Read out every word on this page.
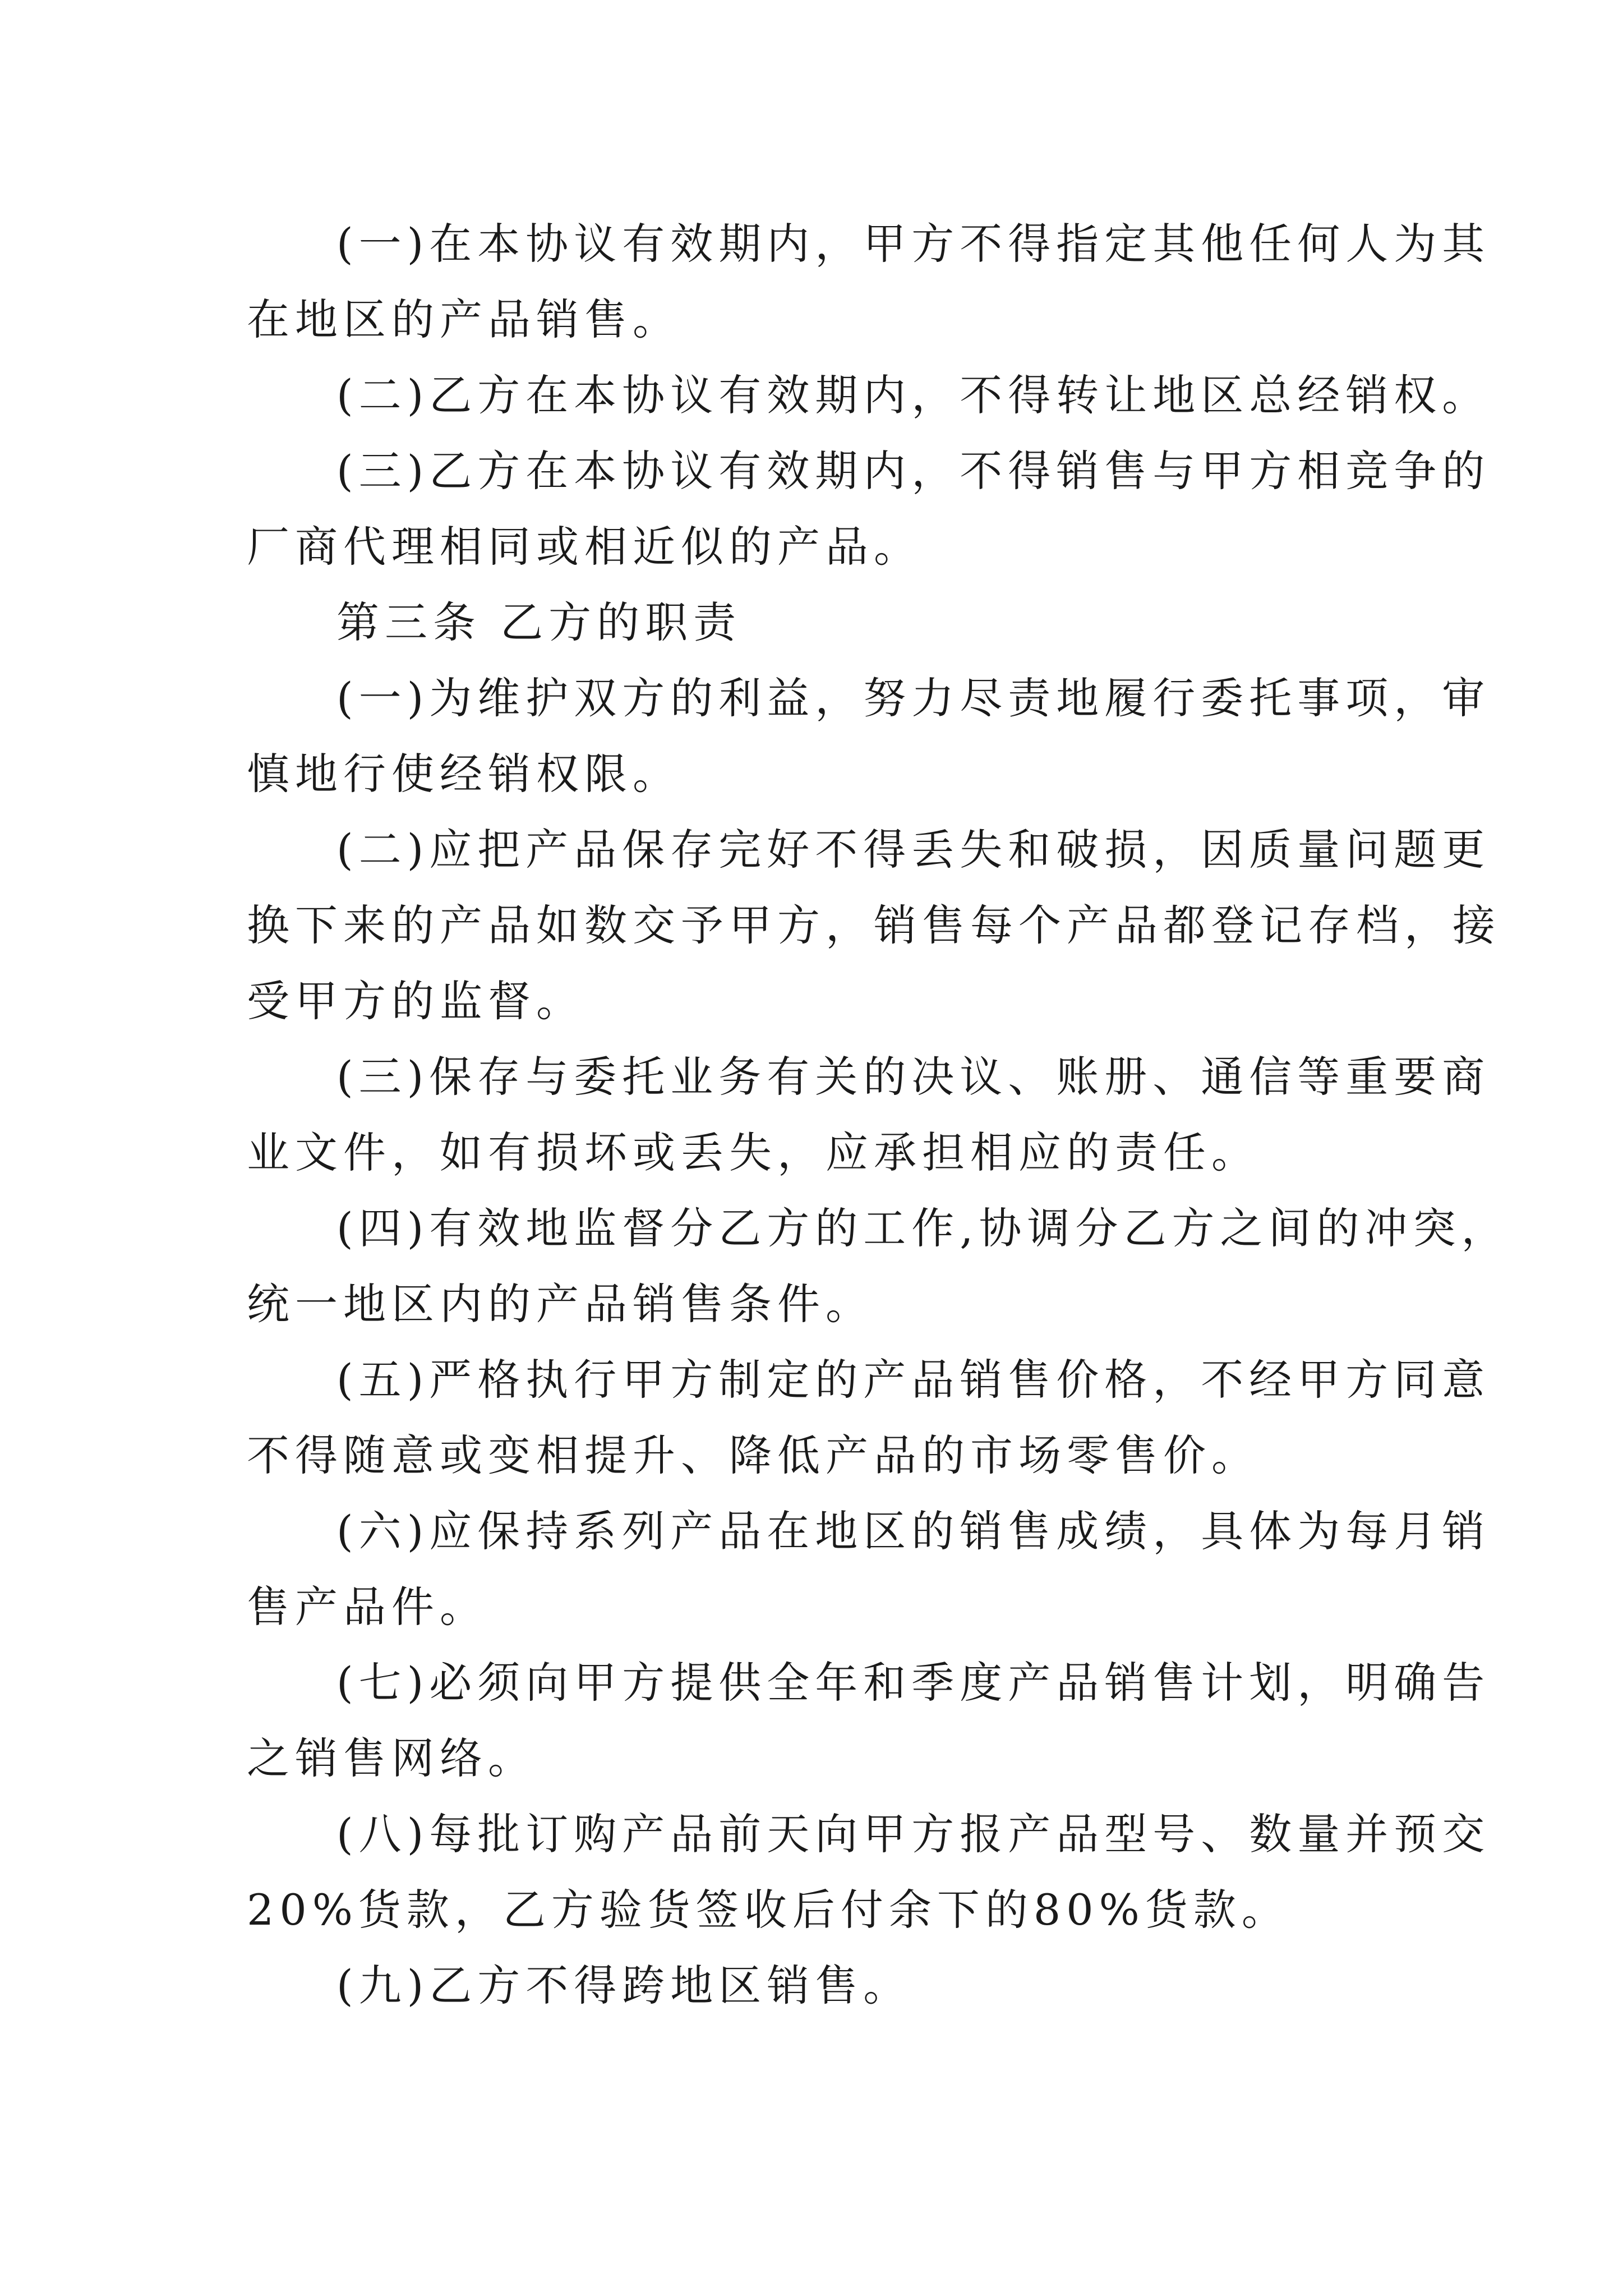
(一)在本协议有效期内，甲方不得指定其他任何人为其
在地区的产品销售。
(二)乙方在本协议有效期内，不得转让地区总经销权。
(三)乙方在本协议有效期内，不得销售与甲方相竞争的
厂商代理相同或相近似的产品。
第三条 乙方的职责
(一)为维护双方的利益，努力尽责地履行委托事项，审
慎地行使经销权限。
(二)应把产品保存完好不得丢失和破损，因质量问题更
换下来的产品如数交予甲方，销售每个产品都登记存档，接
受甲方的监督。
(三)保存与委托业务有关的决议、账册、通信等重要商
业文件，如有损坏或丢失，应承担相应的责任。
(四)有效地监督分乙方的工作,协调分乙方之间的冲突，
统一地区内的产品销售条件。
(五)严格执行甲方制定的产品销售价格，不经甲方同意
不得随意或变相提升、降低产品的市场零售价。
(六)应保持系列产品在地区的销售成绩，具体为每月销
售产品件。
(七)必须向甲方提供全年和季度产品销售计划，明确告
之销售网络。
(八)每批订购产品前天向甲方报产品型号、数量并预交
20%货款，乙方验货签收后付余下的80%货款。
(九)乙方不得跨地区销售。
